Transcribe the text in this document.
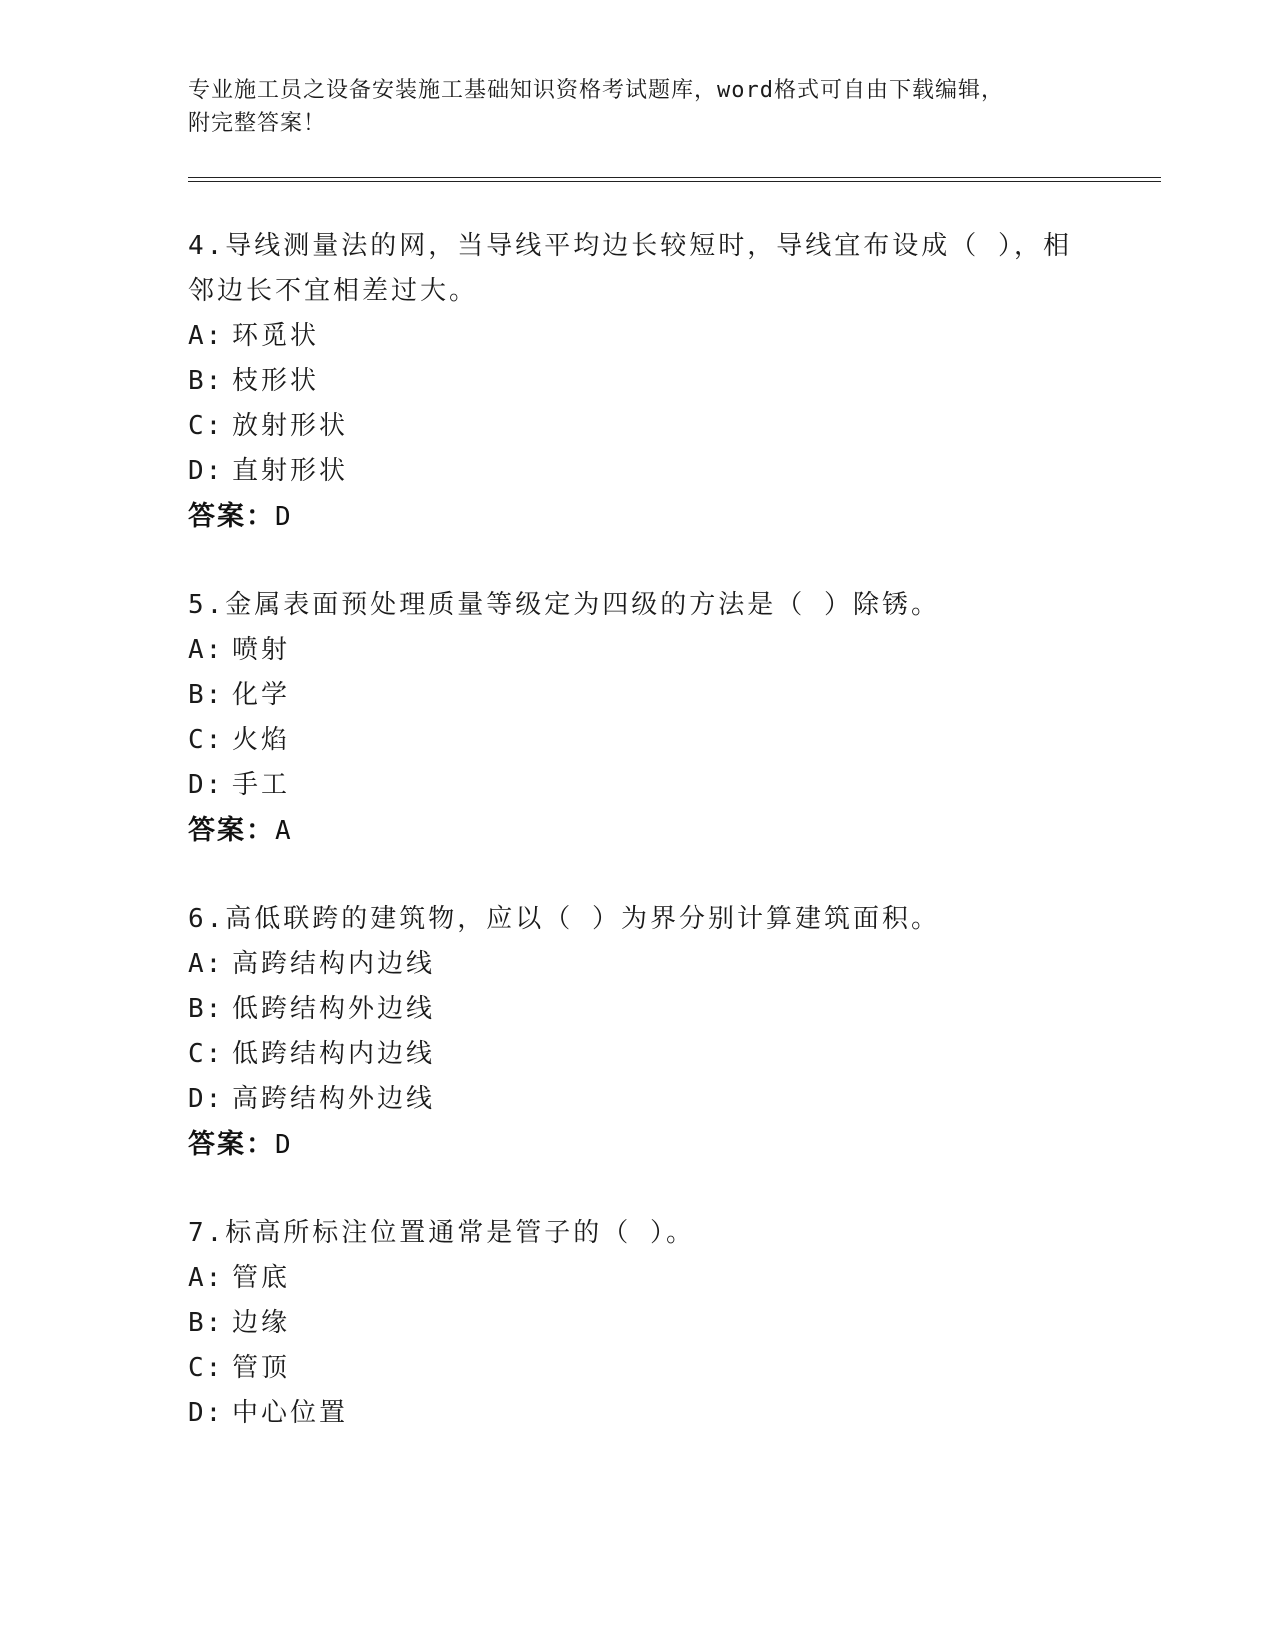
专业施工员之设备安装施工基础知识资格考试题库，word格式可自由下载编辑，
附完整答案！
4.导线测量法的网，当导线平均边长较短时，导线宜布设成（ ），相邻边长不宜相差过大。
A: 环觅状
B: 枝形状
C: 放射形状
D: 直射形状
答案：D
5.金属表面预处理质量等级定为四级的方法是（ ）除锈。
A: 喷射
B: 化学
C: 火焰
D: 手工
答案：A
6.高低联跨的建筑物，应以（ ）为界分别计算建筑面积。
A: 高跨结构内边线
B: 低跨结构外边线
C: 低跨结构内边线
D: 高跨结构外边线
答案：D
7.标高所标注位置通常是管子的（ ）。
A: 管底
B: 边缘
C: 管顶
D: 中心位置
